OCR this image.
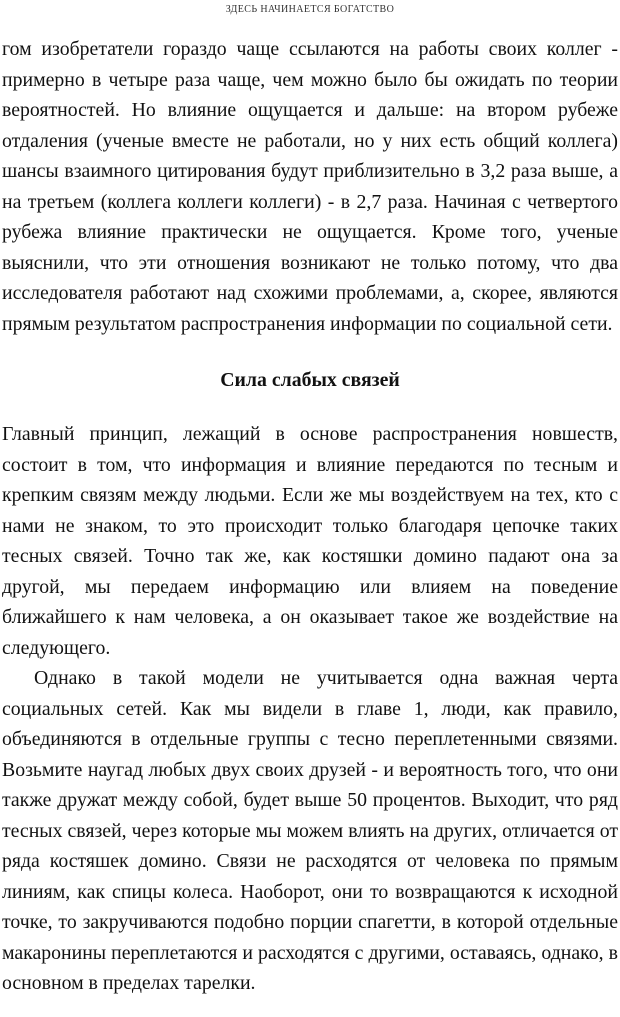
ЗДЕСЬ НАЧИНАЕТСЯ БОГАТСТВО

гом изобретатели гораздо чаще ссылаются на работы своих коллег - примерно в четыре раза чаще, чем можно было бы ожидать по теории вероятностей. Но влияние ощущается и дальше: на втором рубеже отдаления (ученые вместе не работали, но у них есть общий коллега) шансы взаимного цитирования будут приблизительно в 3,2 раза выше, а на третьем (коллега коллеги коллеги) - в 2,7 раза. Начиная с четвертого рубежа влияние практически не ощущается. Кроме того, ученые выяснили, что эти отношения возникают не только потому, что два исследователя работают над схожими проблемами, а, скорее, являются прямым результатом распространения информации по социальной сети.

Сила слабых связей

Главный принцип, лежащий в основе распространения новшеств, состоит в том, что информация и влияние передаются по тесным и крепким связям между людьми. Если же мы воздействуем на тех, кто с нами не знаком, то это происходит только благодаря цепочке таких тесных связей. Точно так же, как костяшки домино падают она за другой, мы передаем информацию или влияем на поведение ближайшего к нам человека, а он оказывает такое же воздействие на следующего.

Однако в такой модели не учитывается одна важная черта социальных сетей. Как мы видели в главе 1, люди, как правило, объединяются в отдельные группы с тесно переплетенными связями. Возьмите наугад любых двух своих друзей - и вероятность того, что они также дружат между собой, будет выше 50 процентов. Выходит, что ряд тесных связей, через которые мы можем влиять на других, отличается от ряда костяшек домино. Связи не расходятся от человека по прямым линиям, как спицы колеса. Наоборот, они то возвращаются к исходной точке, то закручиваются подобно порции спагетти, в которой отдельные макаронины переплетаются и расходятся с другими, оставаясь, однако, в основном в пределах тарелки.
